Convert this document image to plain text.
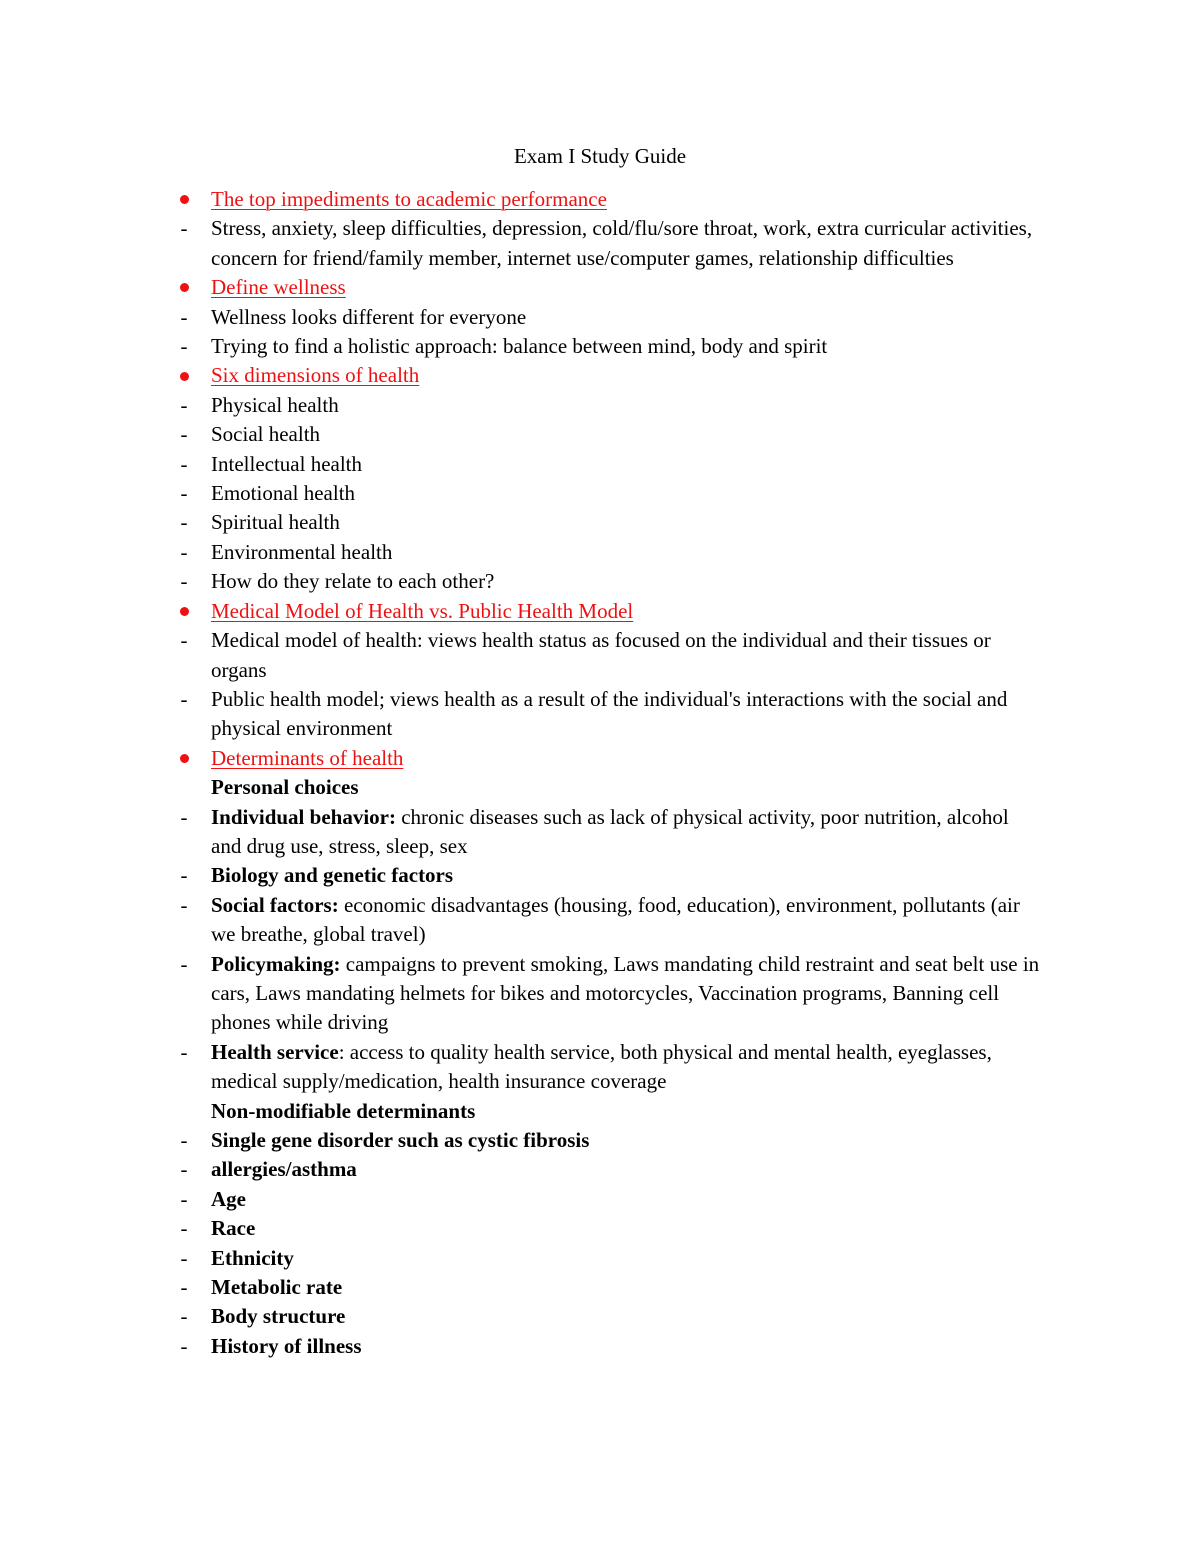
Exam I Study Guide
The top impediments to academic performance
-	Stress, anxiety, sleep difficulties, depression, cold/flu/sore throat, work, extra curricular activities, concern for friend/family member, internet use/computer games, relationship difficulties
Define wellness
-	Wellness looks different for everyone
-	Trying to find a holistic approach: balance between mind, body and spirit
Six dimensions of health
-	Physical health
-	Social health
-	Intellectual health
-	Emotional health
-	Spiritual health
-	Environmental health
-	How do they relate to each other?
Medical Model of Health vs. Public Health Model
-	Medical model of health: views health status as focused on the individual and their tissues or organs
-	Public health model; views health as a result of the individual's interactions with the social and physical environment
Determinants of health
Personal choices
-	Individual behavior: chronic diseases such as lack of physical activity, poor nutrition, alcohol and drug use, stress, sleep, sex
-	Biology and genetic factors
-	Social factors: economic disadvantages (housing, food, education), environment, pollutants (air we breathe, global travel)
-	Policymaking: campaigns to prevent smoking, Laws mandating child restraint and seat belt use in cars, Laws mandating helmets for bikes and motorcycles, Vaccination programs, Banning cell phones while driving
-	Health service: access to quality health service, both physical and mental health, eyeglasses, medical supply/medication, health insurance coverage
Non-modifiable determinants
-	Single gene disorder such as cystic fibrosis
-	allergies/asthma
-	Age
-	Race
-	Ethnicity
-	Metabolic rate
-	Body structure
-	History of illness
